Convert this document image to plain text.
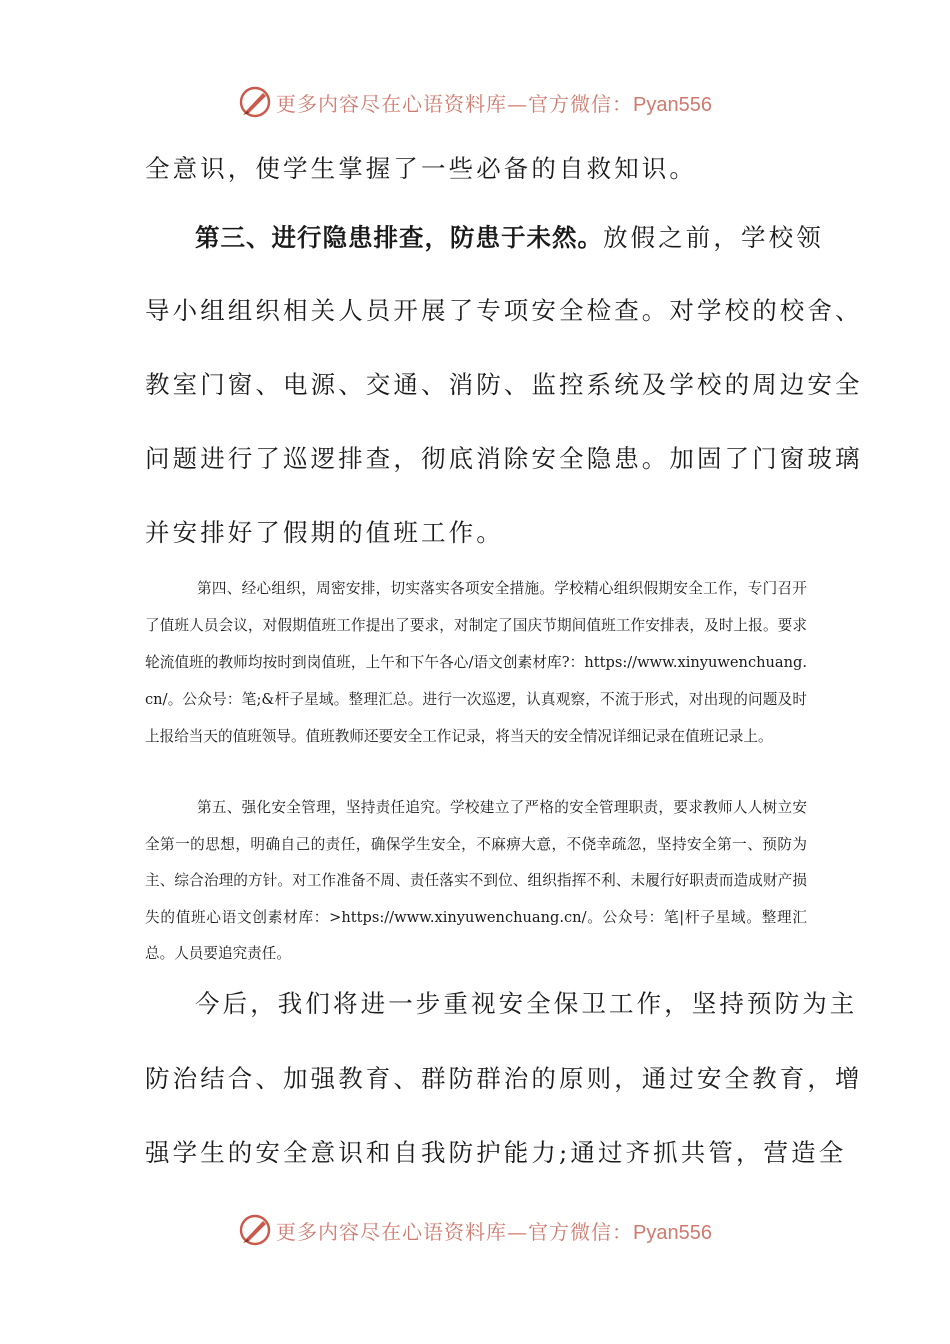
更多内容尽在心语资料库—官方微信：Pyan556

全意识，使学生掌握了一些必备的自救知识。

第三、进行隐患排查，防患于未然。放假之前，学校领

导小组组织相关人员开展了专项安全检查。对学校的校舍、

教室门窗、电源、交通、消防、监控系统及学校的周边安全

问题进行了巡逻排查，彻底消除安全隐患。加固了门窗玻璃

并安排好了假期的值班工作。

第四、经心组织，周密安排，切实落实各项安全措施。学校精心组织假期安全工作，专门召开了值班人员会议，对假期值班工作提出了要求，对制定了国庆节期间值班工作安排表，及时上报。要求轮流值班的教师均按时到岗值班，上午和下午各心/语文创素材库?：https://www.xinyuwenchuang.cn/。公众号：笔;&杆子星域。整理汇总。进行一次巡逻，认真观察，不流于形式，对出现的问题及时上报给当天的值班领导。值班教师还要安全工作记录，将当天的安全情况详细记录在值班记录上。

第五、强化安全管理，坚持责任追究。学校建立了严格的安全管理职责，要求教师人人树立安全第一的思想，明确自己的责任，确保学生安全，不麻痹大意，不侥幸疏忽，坚持安全第一、预防为主、综合治理的方针。对工作准备不周、责任落实不到位、组织指挥不利、未履行好职责而造成财产损失的值班心语文创素材库：>https://www.xinyuwenchuang.cn/。公众号：笔|杆子星域。整理汇总。人员要追究责任。

今后，我们将进一步重视安全保卫工作，坚持预防为主

防治结合、加强教育、群防群治的原则，通过安全教育，增

强学生的安全意识和自我防护能力;通过齐抓共管，营造全

更多内容尽在心语资料库—官方微信：Pyan556
